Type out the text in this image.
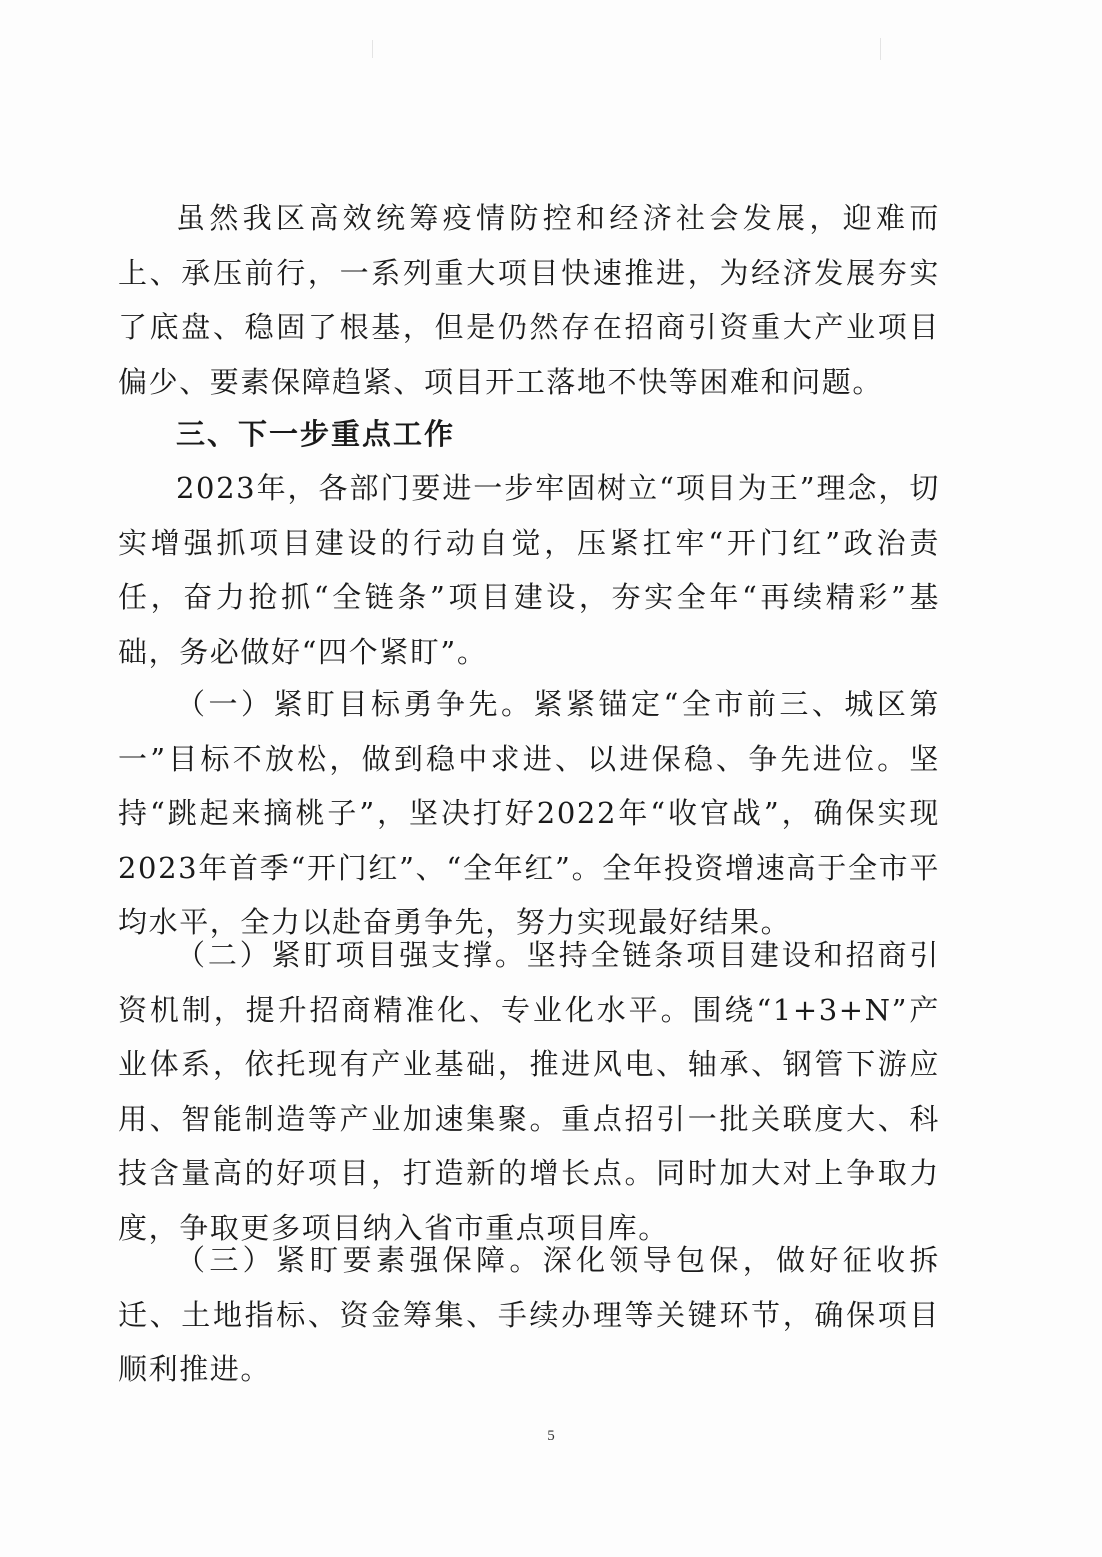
虽然我区高效统筹疫情防控和经济社会发展，迎难而上、承压前行，一系列重大项目快速推进，为经济发展夯实了底盘、稳固了根基，但是仍然存在招商引资重大产业项目偏少、要素保障趋紧、项目开工落地不快等困难和问题。

三、下一步重点工作

2023年，各部门要进一步牢固树立“项目为王”理念，切实增强抓项目建设的行动自觉，压紧扛牢“开门红”政治责任，奋力抢抓“全链条”项目建设，夯实全年“再续精彩”基础，务必做好“四个紧盯”。

（一）紧盯目标勇争先。紧紧锚定“全市前三、城区第一”目标不放松，做到稳中求进、以进保稳、争先进位。坚持“跳起来摘桃子”，坚决打好2022年“收官战”，确保实现2023年首季“开门红”、“全年红”。全年投资增速高于全市平均水平，全力以赴奋勇争先，努力实现最好结果。

（二）紧盯项目强支撑。坚持全链条项目建设和招商引资机制，提升招商精准化、专业化水平。围绕“1+3+N”产业体系，依托现有产业基础，推进风电、轴承、钢管下游应用、智能制造等产业加速集聚。重点招引一批关联度大、科技含量高的好项目，打造新的增长点。同时加大对上争取力度，争取更多项目纳入省市重点项目库。

（三）紧盯要素强保障。深化领导包保，做好征收拆迁、土地指标、资金筹集、手续办理等关键环节，确保项目顺利推进。

5
